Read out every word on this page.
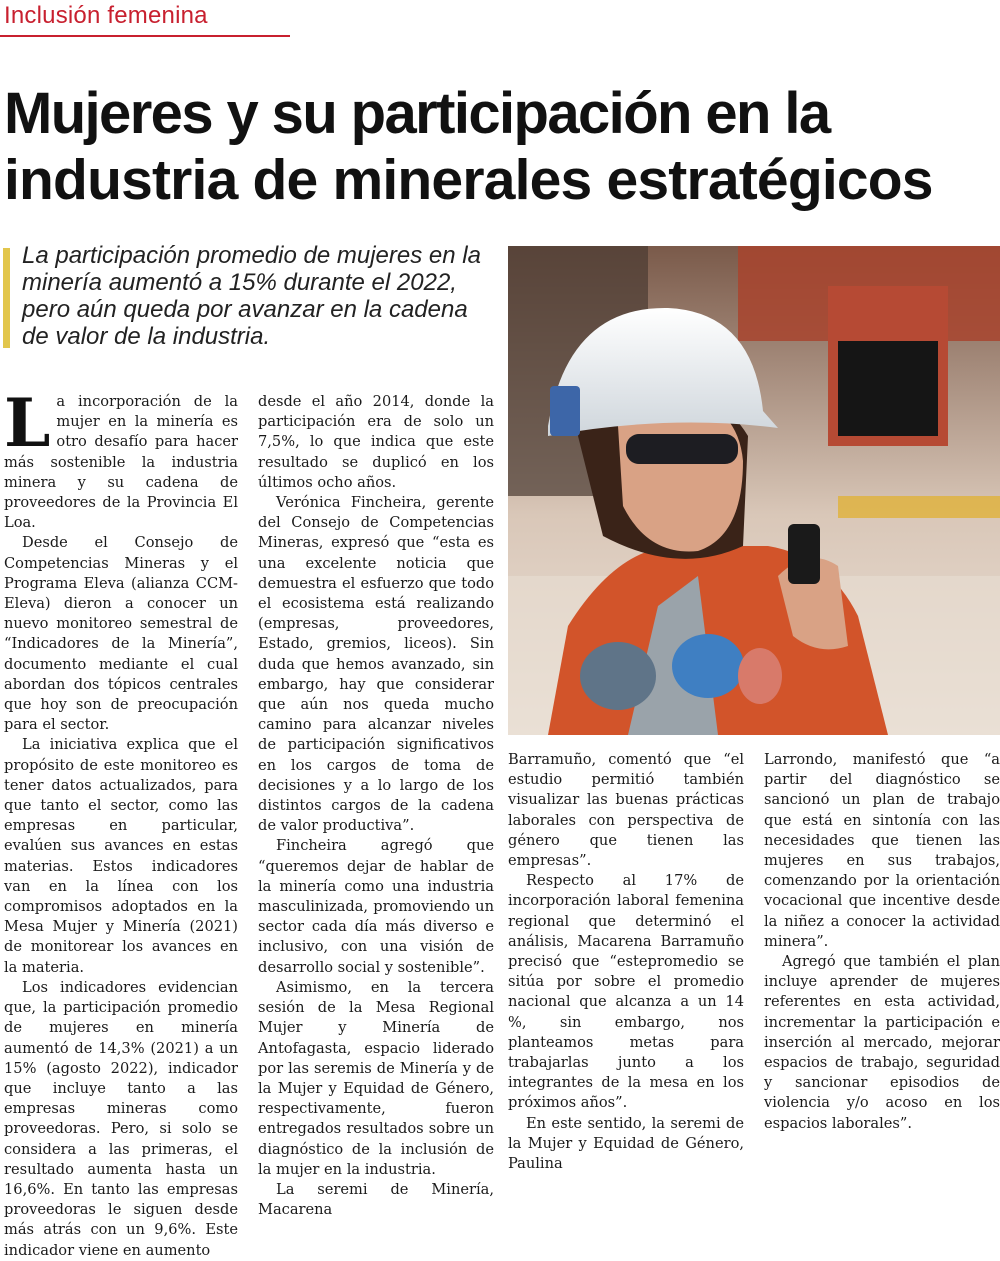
Inclusión femenina
Mujeres y su participación en la
industria de minerales estratégicos

La participación promedio de mujeres en la minería aumentó a 15% durante el 2022, pero aún queda por avanzar en la cadena de valor de la industria.

La incorporación de la mujer en la minería es otro desafío para hacer más sostenible la industria minera y su cadena de proveedores de la Provincia El Loa.

Desde el Consejo de Competencias Mineras y el Programa Eleva (alianza CCM-Eleva) dieron a conocer un nuevo monitoreo semestral de “Indicadores de la Minería”, documento mediante el cual abordan dos tópicos centrales que hoy son de preocupación para el sector.

La iniciativa explica que el propósito de este monitoreo es tener datos actualizados, para que tanto el sector, como las empresas en particular, evalúen sus avances en estas materias. Estos indicadores van en la línea con los compromisos adoptados en la Mesa Mujer y Minería (2021) de monitorear los avances en la materia.

Los indicadores evidencian que, la participación promedio de mujeres en minería aumentó de 14,3% (2021) a un 15% (agosto 2022), indicador que incluye tanto a las empresas mineras como proveedoras. Pero, si solo se considera a las primeras, el resultado aumenta hasta un 16,6%. En tanto las empresas proveedoras le siguen desde más atrás con un 9,6%. Este indicador viene en aumento

desde el año 2014, donde la participación era de solo un 7,5%, lo que indica que este resultado se duplicó en los últimos ocho años.

Verónica Fincheira, gerente del Consejo de Competencias Mineras, expresó que “esta es una excelente noticia que demuestra el esfuerzo que todo el ecosistema está realizando (empresas, proveedores, Estado, gremios, liceos). Sin duda que hemos avanzado, sin embargo, hay que considerar que aún nos queda mucho camino para alcanzar niveles de participación significativos en los cargos de toma de decisiones y a lo largo de los distintos cargos de la cadena de valor productiva”.

Fincheira agregó que “queremos dejar de hablar de la minería como una industria masculinizada, promoviendo un sector cada día más diverso e inclusivo, con una visión de desarrollo social y sostenible”.

Asimismo, en la tercera sesión de la Mesa Regional Mujer y Minería de Antofagasta, espacio liderado por las seremis de Minería y de la Mujer y Equidad de Género, respectivamente, fueron entregados resultados sobre un diagnóstico de la inclusión de la mujer en la industria.

La seremi de Minería, Macarena

Barramuño, comentó que “el estudio permitió también visualizar las buenas prácticas laborales con perspectiva de género que tienen las empresas”.

Respecto al 17% de incorporación laboral femenina regional que determinó el análisis, Macarena Barramuño precisó que “estepromedio se sitúa por sobre el promedio nacional que alcanza a un 14 %, sin embargo, nos planteamos metas para trabajarlas junto a los integrantes de la mesa en los próximos años”.

En este sentido, la seremi de la Mujer y Equidad de Género, Paulina

Larrondo, manifestó que “a partir del diagnóstico se sancionó un plan de trabajo que está en sintonía con las necesidades que tienen las mujeres en sus trabajos, comenzando por la orientación vocacional que incentive desde la niñez a conocer la actividad minera”.

Agregó que también el plan incluye aprender de mujeres referentes en esta actividad, incrementar la participación e inserción al mercado, mejorar espacios de trabajo, seguridad y sancionar episodios de violencia y/o acoso en los espacios laborales”.
